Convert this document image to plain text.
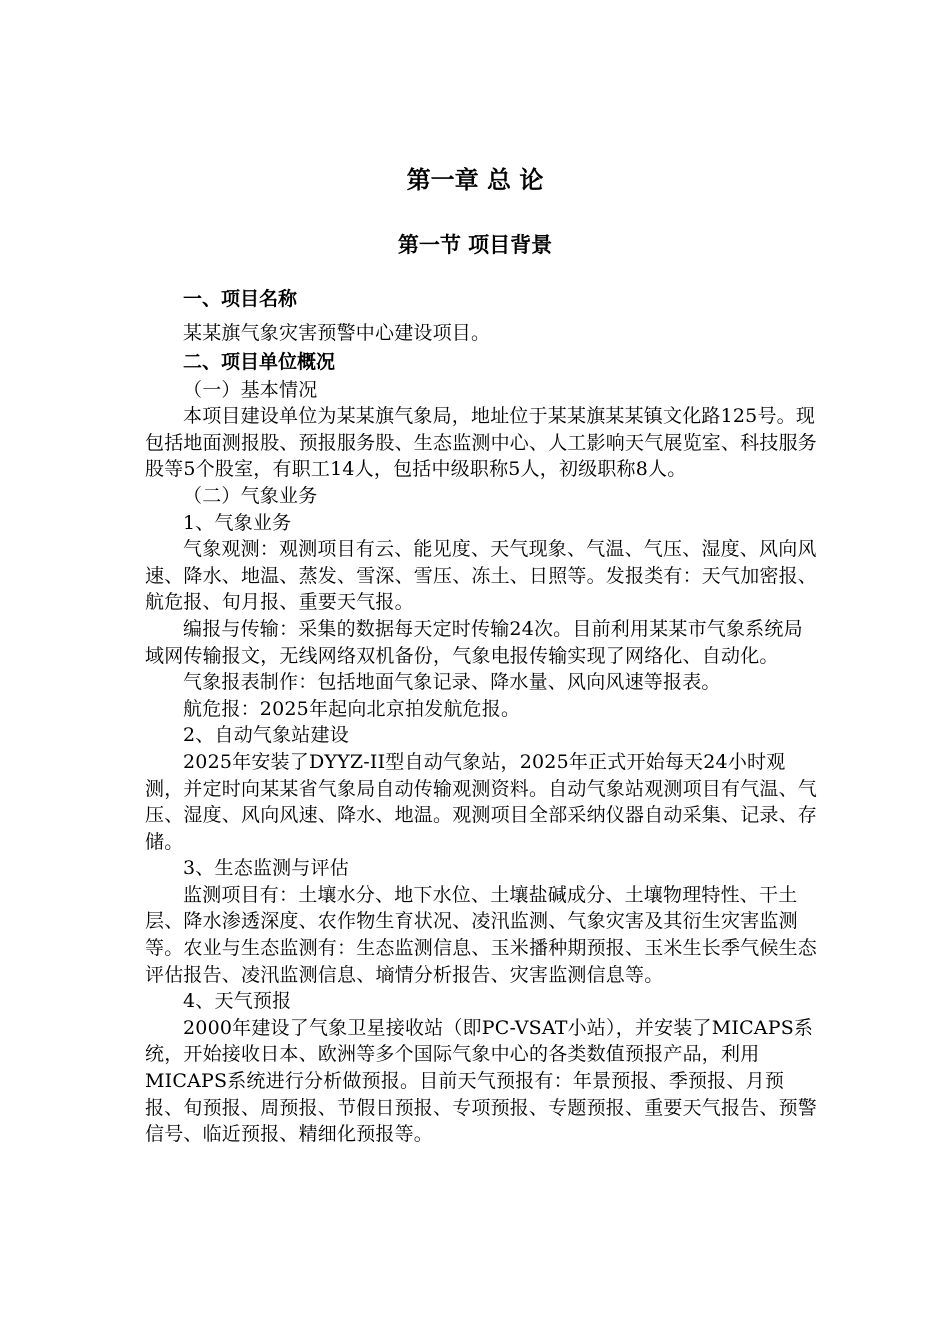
第一章 总 论
第一节 项目背景
一、项目名称

某某旗气象灾害预警中心建设项目。

二、项目单位概况

（一）基本情况

本项目建设单位为某某旗气象局，地址位于某某旗某某镇文化路125号。现包括地面测报股、预报服务股、生态监测中心、人工影响天气展览室、科技服务股等5个股室，有职工14人，包括中级职称5人，初级职称8人。

（二）气象业务

1、气象业务

气象观测：观测项目有云、能见度、天气现象、气温、气压、湿度、风向风速、降水、地温、蒸发、雪深、雪压、冻土、日照等。发报类有：天气加密报、航危报、旬月报、重要天气报。

编报与传输：采集的数据每天定时传输24次。目前利用某某市气象系统局域网传输报文，无线网络双机备份，气象电报传输实现了网络化、自动化。

气象报表制作：包括地面气象记录、降水量、风向风速等报表。

航危报：2025年起向北京拍发航危报。

2、自动气象站建设

2025年安装了DYYZ-II型自动气象站，2025年正式开始每天24小时观测，并定时向某某省气象局自动传输观测资料。自动气象站观测项目有气温、气压、湿度、风向风速、降水、地温。观测项目全部采纳仪器自动采集、记录、存储。

3、生态监测与评估

监测项目有：土壤水分、地下水位、土壤盐碱成分、土壤物理特性、干土层、降水渗透深度、农作物生育状况、凌汛监测、气象灾害及其衍生灾害监测等。农业与生态监测有：生态监测信息、玉米播种期预报、玉米生长季气候生态评估报告、凌汛监测信息、墒情分析报告、灾害监测信息等。

4、天气预报

2000年建设了气象卫星接收站（即PC-VSAT小站），并安装了MICAPS系统，开始接收日本、欧洲等多个国际气象中心的各类数值预报产品，利用MICAPS系统进行分析做预报。目前天气预报有：年景预报、季预报、月预报、旬预报、周预报、节假日预报、专项预报、专题预报、重要天气报告、预警信号、临近预报、精细化预报等。
